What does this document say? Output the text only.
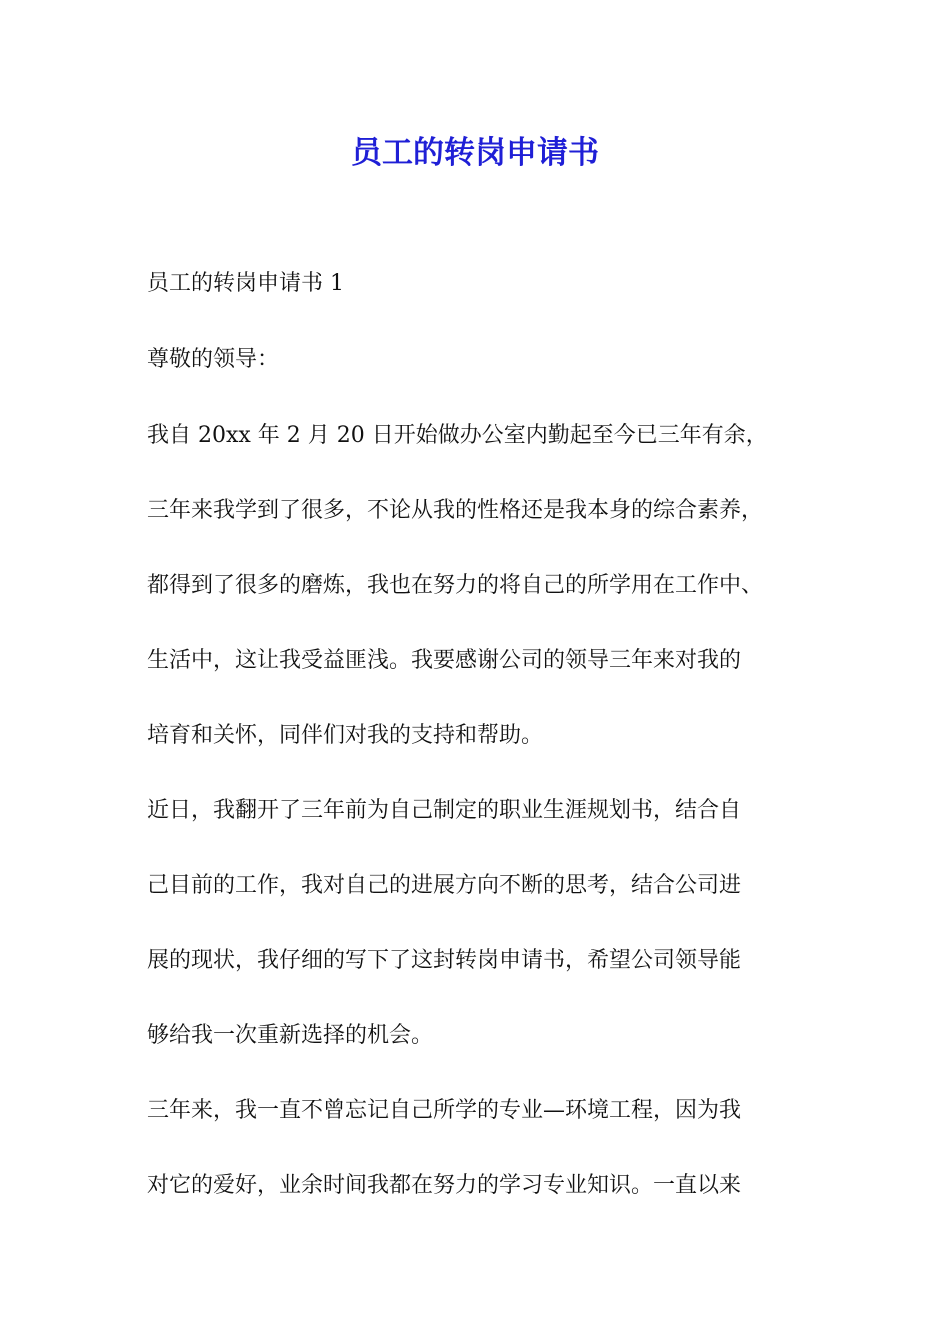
员工的转岗申请书

员工的转岗申请书 1

尊敬的领导：

我自 20xx 年 2 月 20 日开始做办公室内勤起至今已三年有余，

三年来我学到了很多，不论从我的性格还是我本身的综合素养，

都得到了很多的磨炼，我也在努力的将自己的所学用在工作中、

生活中，这让我受益匪浅。我要感谢公司的领导三年来对我的

培育和关怀，同伴们对我的支持和帮助。

近日，我翻开了三年前为自己制定的职业生涯规划书，结合自

己目前的工作，我对自己的进展方向不断的思考，结合公司进

展的现状，我仔细的写下了这封转岗申请书，希望公司领导能

够给我一次重新选择的机会。

三年来，我一直不曾忘记自己所学的专业—环境工程，因为我

对它的爱好，业余时间我都在努力的学习专业知识。一直以来
